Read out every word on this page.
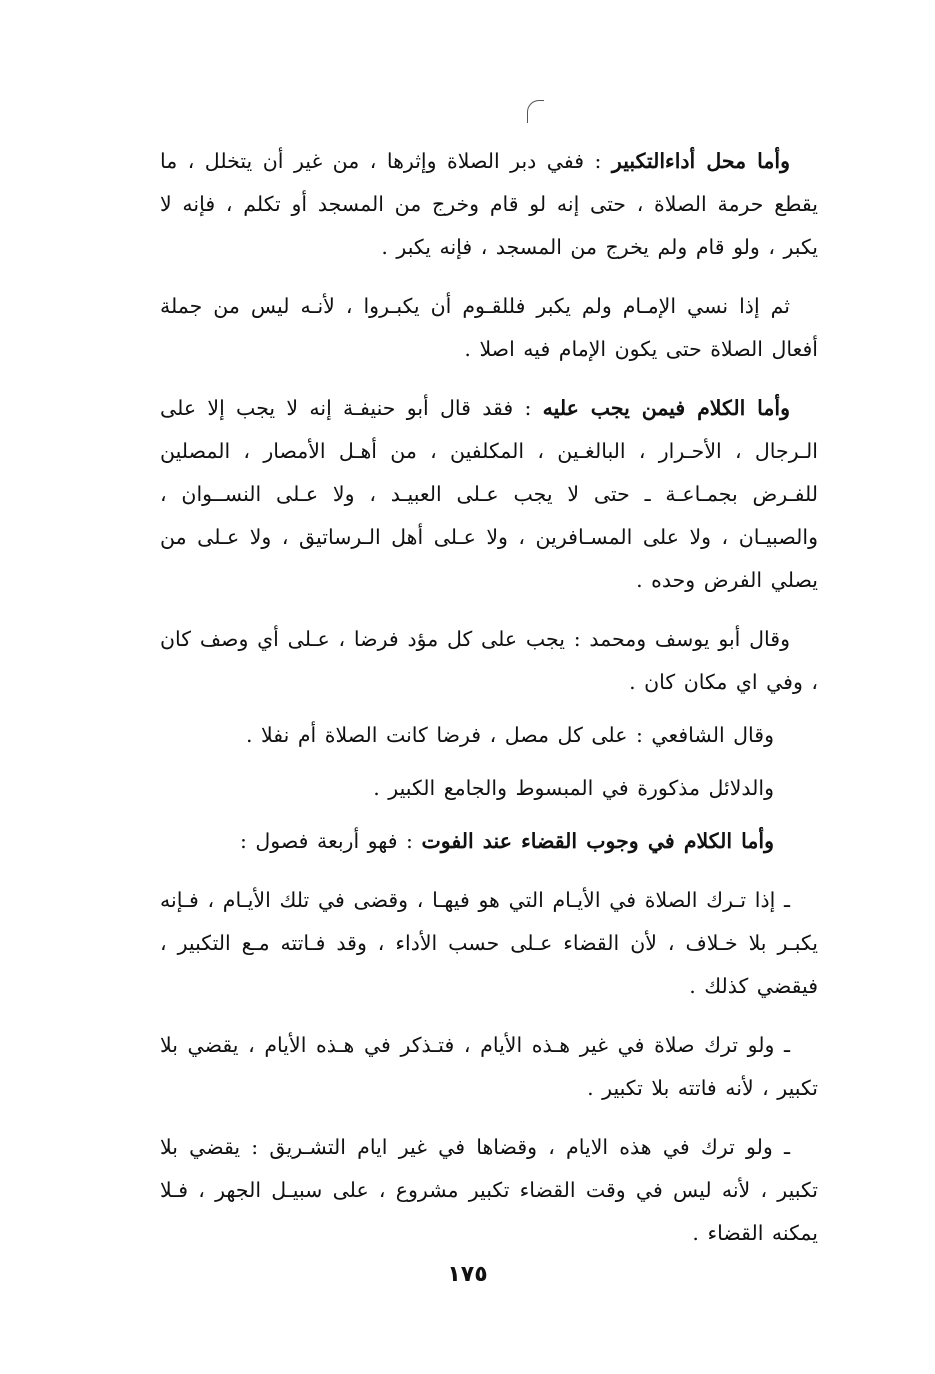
وأما محل أداءالتكبير : ففي دبر الصلاة وإثرها ، من غير أن يتخلل ، ما يقطع حرمة الصلاة ، حتى إنه لو قام وخرج من المسجد أو تكلم ، فإنه لا يكبر ، ولو قام ولم يخرج من المسجد ، فإنه يكبر .

ثم إذا نسي الإمـام ولم يكبر فللقـوم أن يكبـروا ، لأنـه ليس من جملة أفعال الصلاة حتى يكون الإمام فيه اصلا .

وأما الكلام فيمن يجب عليه : فقد قال أبو حنيفـة إنه لا يجب إلا على الـرجال ، الأحـرار ، البالغـين ، المكلفين ، من أهـل الأمصار ، المصلين للفـرض بجمـاعـة ـ حتى لا يجب عـلى العبيـد ، ولا عـلى النســوان ، والصبيـان ، ولا على المسـافرين ، ولا عـلى أهل الـرساتيق ، ولا عـلى من يصلي الفرض وحده .

وقال أبو يوسف ومحمد : يجب على كل مؤد فرضا ، عـلى أي وصف كان ، وفي اي مكان كان .

وقال الشافعي : على كل مصل ، فرضا كانت الصلاة أم نفلا .

والدلائل مذكورة في المبسوط والجامع الكبير .

وأما الكلام في وجوب القضاء عند الفوت : فهو أربعة فصول :

ـ إذا تـرك الصلاة في الأيـام التي هو فيهـا ، وقضى في تلك الأيـام ، فـإنه يكبـر بلا خـلاف ، لأن القضاء عـلى حسب الأداء ، وقد فـاتته مـع التكبير ، فيقضي كذلك .

ـ ولو ترك صلاة في غير هـذه الأيام ، فتـذكر في هـذه الأيام ، يقضي بلا تكبير ، لأنه فاتته بلا تكبير .

ـ ولو ترك في هذه الايام ، وقضاها في غير ايام التشـريق : يقضي بلا تكبير ، لأنه ليس في وقت القضاء تكبير مشروع ، على سبيـل الجهر ، فـلا يمكنه القضاء .

١٧٥
